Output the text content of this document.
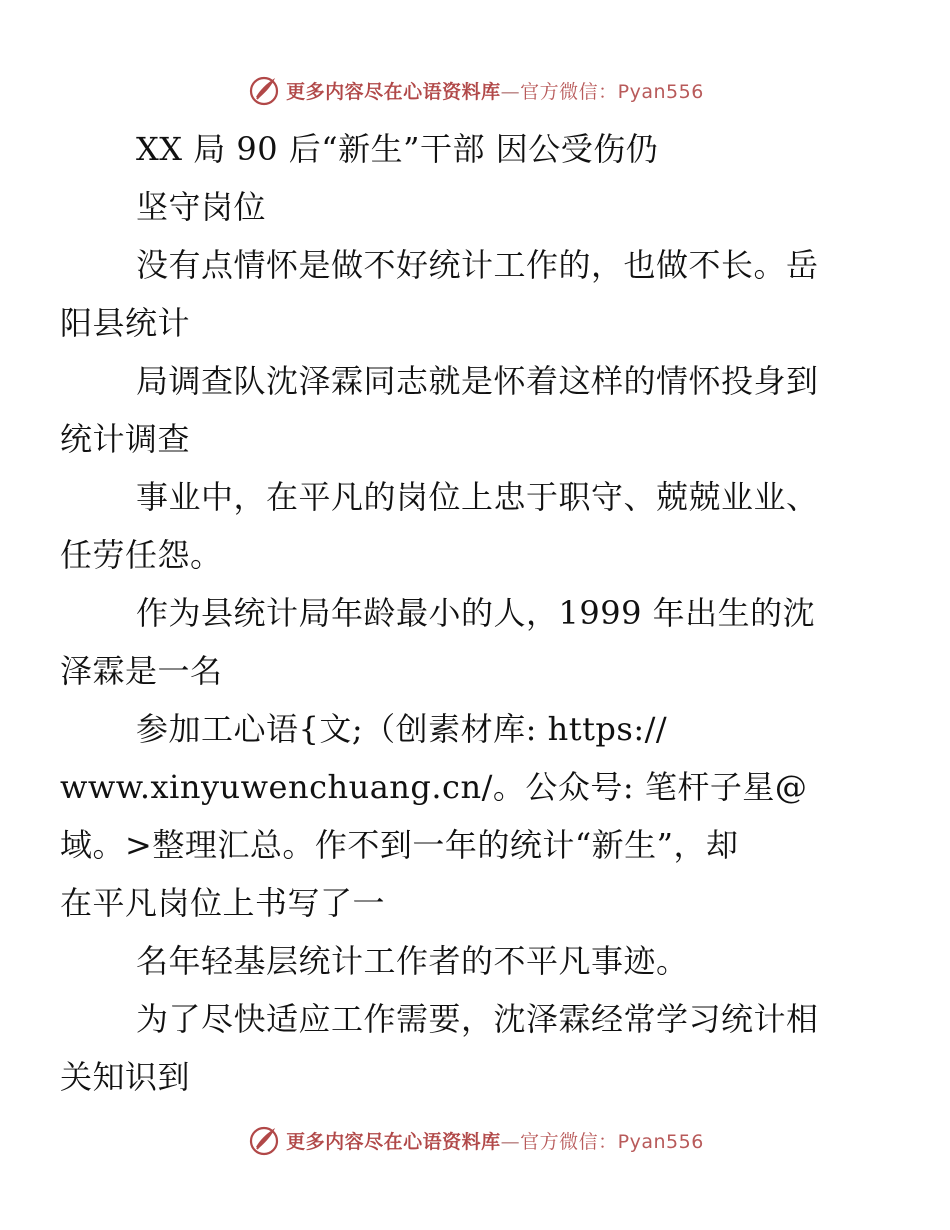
更多内容尽在心语资料库—官方微信：Pyan556

XX 局 90 后“新生”干部 因公受伤仍

坚守岗位

没有点情怀是做不好统计工作的，也做不长。岳
阳县统计

局调查队沈泽霖同志就是怀着这样的情怀投身到
统计调查

事业中，在平凡的岗位上忠于职守、兢兢业业、
任劳任怨。

作为县统计局年龄最小的人，1999 年出生的沈
泽霖是一名

参加工心语{文;（创素材库: https://
www.xinyuwenchuang.cn/。公众号: 笔杆子星@
域。>整理汇总。作不到一年的统计“新生”，却
在平凡岗位上书写了一

名年轻基层统计工作者的不平凡事迹。

为了尽快适应工作需要，沈泽霖经常学习统计相
关知识到

更多内容尽在心语资料库—官方微信：Pyan556
